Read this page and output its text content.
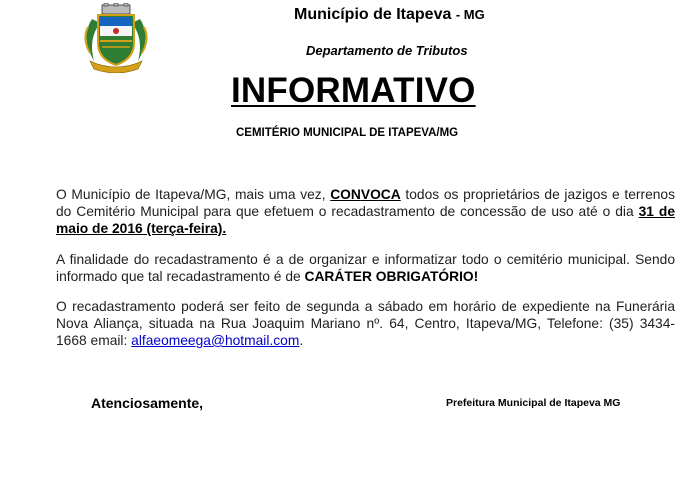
Município de Itapeva - MG
Departamento de Tributos
INFORMATIVO
CEMITÉRIO MUNICIPAL DE ITAPEVA/MG
O Município de Itapeva/MG, mais uma vez, CONVOCA todos os proprietários de jazigos e terrenos do Cemitério Municipal para que efetuem o recadastramento de concessão de uso até o dia 31 de maio de 2016 (terça-feira).
A finalidade do recadastramento é a de organizar e informatizar todo o cemitério municipal. Sendo informado que tal recadastramento é de CARÁTER OBRIGATÓRIO!
O recadastramento poderá ser feito de segunda a sábado em horário de expediente na Funerária Nova Aliança, situada na Rua Joaquim Mariano nº. 64, Centro, Itapeva/MG, Telefone: (35) 3434-1668 email: alfaeomeega@hotmail.com.
Atenciosamente,	Prefeitura Municipal de Itapeva MG
